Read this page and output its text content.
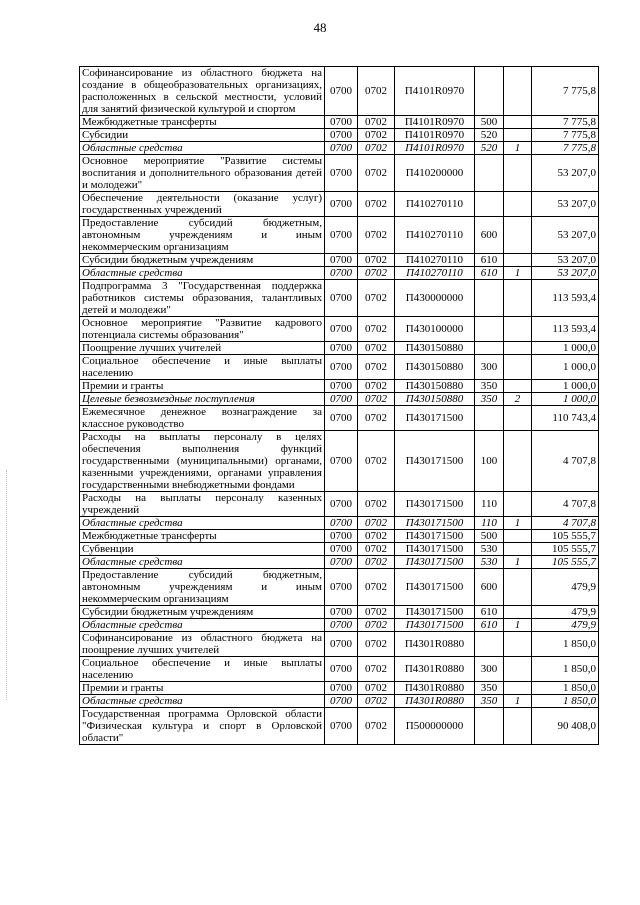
48
Софинансирование из областного бюджета на создание в общеобразовательных организациях, расположенных в сельской местности, условий для занятий физической культурой и спортом	0700	0702	П4101R0970			7 775,8
Межбюджетные трансферты	0700	0702	П4101R0970	500		7 775,8
Субсидии	0700	0702	П4101R0970	520		7 775,8
Областные средства	0700	0702	П4101R0970	520	1	7 775,8
Основное мероприятие "Развитие системы воспитания и дополнительного образования детей и молодежи"	0700	0702	П410200000			53 207,0
Обеспечение деятельности (оказание услуг) государственных учреждений	0700	0702	П410270110			53 207,0
Предоставление субсидий бюджетным, автономным учреждениям и иным некоммерческим организациям	0700	0702	П410270110	600		53 207,0
Субсидии бюджетным учреждениям	0700	0702	П410270110	610		53 207,0
Областные средства	0700	0702	П410270110	610	1	53 207,0
Подпрограмма 3 "Государственная поддержка работников системы образования, талантливых детей и молодежи"	0700	0702	П430000000			113 593,4
Основное мероприятие "Развитие кадрового потенциала системы образования"	0700	0702	П430100000			113 593,4
Поощрение лучших учителей	0700	0702	П430150880			1 000,0
Социальное обеспечение и иные выплаты населению	0700	0702	П430150880	300		1 000,0
Премии и гранты	0700	0702	П430150880	350		1 000,0
Целевые безвозмездные поступления	0700	0702	П430150880	350	2	1 000,0
Ежемесячное денежное вознаграждение за классное руководство	0700	0702	П430171500			110 743,4
Расходы на выплаты персоналу в целях обеспечения выполнения функций государственными (муниципальными) органами, казенными учреждениями, органами управления государственными внебюджетными фондами	0700	0702	П430171500	100		4 707,8
Расходы на выплаты персоналу казенных учреждений	0700	0702	П430171500	110		4 707,8
Областные средства	0700	0702	П430171500	110	1	4 707,8
Межбюджетные трансферты	0700	0702	П430171500	500		105 555,7
Субвенции	0700	0702	П430171500	530		105 555,7
Областные средства	0700	0702	П430171500	530	1	105 555,7
Предоставление субсидий бюджетным, автономным учреждениям и иным некоммерческим организациям	0700	0702	П430171500	600		479,9
Субсидии бюджетным учреждениям	0700	0702	П430171500	610		479,9
Областные средства	0700	0702	П430171500	610	1	479,9
Софинансирование из областного бюджета на поощрение лучших учителей	0700	0702	П4301R0880			1 850,0
Социальное обеспечение и иные выплаты населению	0700	0702	П4301R0880	300		1 850,0
Премии и гранты	0700	0702	П4301R0880	350		1 850,0
Областные средства	0700	0702	П4301R0880	350	1	1 850,0
Государственная программа Орловской области "Физическая культура и спорт в Орловской области"	0700	0702	П500000000			90 408,0
